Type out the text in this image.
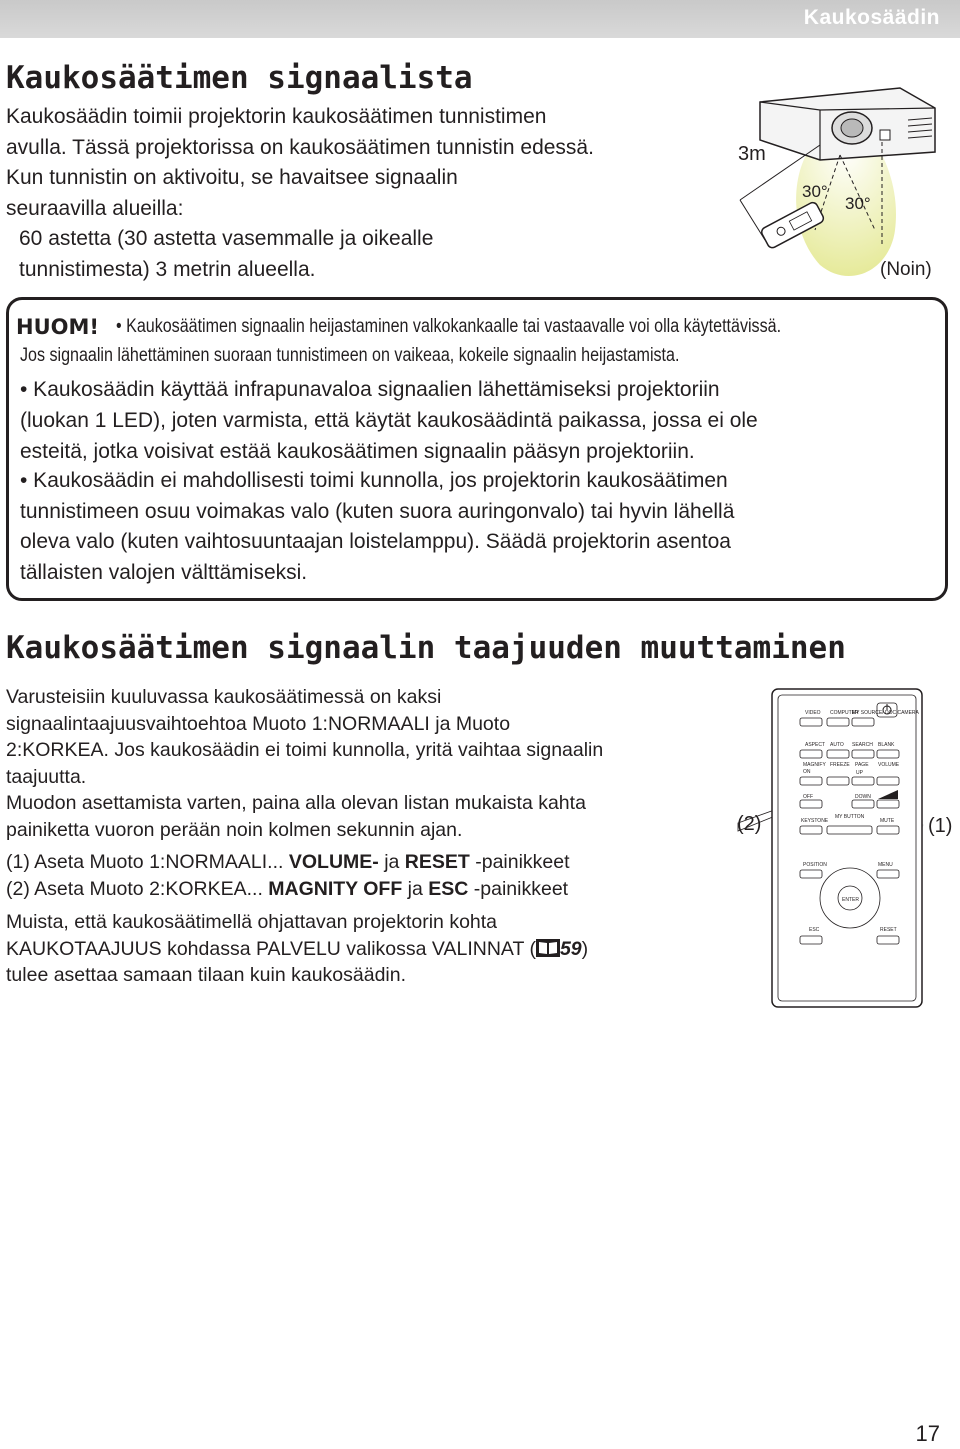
Kaukosäädin
Kaukosäätimen signaalista
Kaukosäädin toimii projektorin kaukosäätimen tunnistimen
avulla. Tässä projektorissa on kaukosäätimen tunnistin edessä.
Kun tunnistin on aktivoitu, se havaitsee signaalin
seuraavilla alueilla:
60 astetta (30 astetta vasemmalle ja oikealle
tunnistimesta) 3 metrin alueella.
3m
30°
30°
(Noin)
HUOM! • Kaukosäätimen signaalin heijastaminen valkokankaalle tai vastaavalle voi olla käytettävissä.
Jos signaalin lähettäminen suoraan tunnistimeen on vaikeaa, kokeile signaalin heijastamista.
• Kaukosäädin käyttää infrapunavaloa signaalien lähettämiseksi projektoriin
(luokan 1 LED), joten varmista, että käytät kaukosäädintä paikassa, jossa ei ole
esteitä, jotka voisivat estää kaukosäätimen signaalin pääsyn projektoriin.
• Kaukosäädin ei mahdollisesti toimi kunnolla, jos projektorin kaukosäätimen
tunnistimeen osuu voimakas valo (kuten suora auringonvalo) tai hyvin lähellä
oleva valo (kuten vaihtosuuntaajan loistelamppu). Säädä projektorin asentoa
tällaisten valojen välttämiseksi.
Kaukosäätimen signaalin taajuuden muuttaminen
Varusteisiin kuuluvassa kaukosäätimessä on kaksi
signaalintaajuusvaihtoehtoa Muoto 1:NORMAALI ja Muoto
2:KORKEA. Jos kaukosäädin ei toimi kunnolla, yritä vaihtaa signaalin
taajuutta.
Muodon asettamista varten, paina alla olevan listan mukaista kahta
painiketta vuoron perään noin kolmen sekunnin ajan.
(1) Aseta Muoto 1:NORMAALI... VOLUME- ja RESET -painikkeet
(2) Aseta Muoto 2:KORKEA... MAGNITY OFF ja ESC -painikkeet
Muista, että kaukosäätimellä ohjattavan projektorin kohta
KAUKOTAAJUUS kohdassa PALVELU valikossa VALINNAT ( 59)
tulee asettaa samaan tilaan kuin kaukosäädin.
VIDEO COMPUTER
MY SOURCE/ DOC.CAMERA
ASPECT AUTO SEARCH BLANK
MAGNIFY
ON
FREEZE PAGE
UP
VOLUME
OFF	DOWN
KEYSTONE
MY BUTTON
MUTE
POSITION	MENU
ENTER
ESC	RESET
(2)	(1)
17
